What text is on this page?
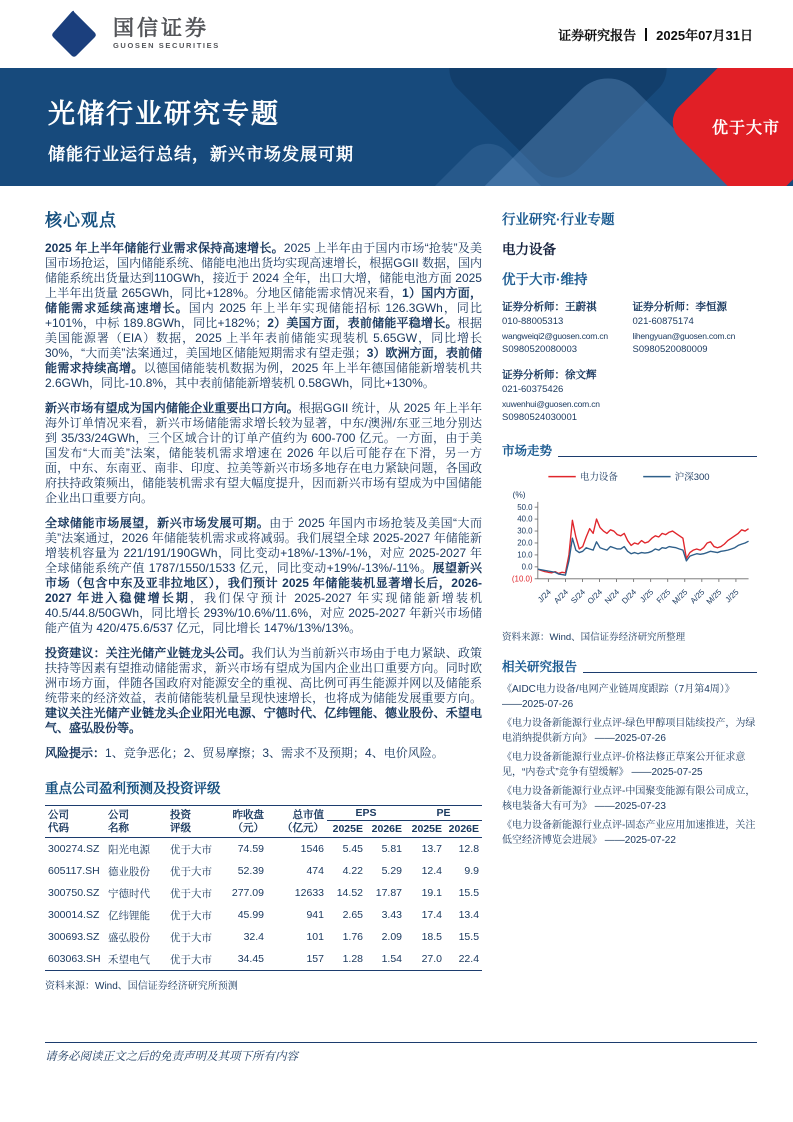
国信证券
GUOSEN SECURITIES
证券研究报告 2025年07月31日
优于大市
光储行业研究专题
储能行业运行总结，新兴市场发展可期
核心观点

2025 年上半年储能行业需求保持高速增长。2025 上半年由于国内市场“抢装”及美国市场抢运，国内储能系统、储能电池出货均实现高速增长，根据GGII 数据，国内储能系统出货量达到110GWh，接近于 2024 全年，出口大增，储能电池方面 2025 上半年出货量 265GWh，同比+128%。分地区储能需求情况来看，1）国内方面，储能需求延续高速增长。国内 2025 年上半年实现储能招标 126.3GWh，同比+101%，中标 189.8GWh，同比+182%；2）美国方面，表前储能平稳增长。根据美国能源署（EIA）数据，2025 上半年表前储能实现装机 5.65GW，同比增长 30%，“大而美”法案通过，美国地区储能短期需求有望走强；3）欧洲方面，表前储能需求持续高增。以德国储能装机数据为例，2025 年上半年德国储能新增装机共 2.6GWh，同比-10.8%，其中表前储能新增装机 0.58GWh，同比+130%。

新兴市场有望成为国内储能企业重要出口方向。根据GGII 统计，从 2025 年上半年海外订单情况来看，新兴市场储能需求增长较为显著，中东/澳洲/东亚三地分别达到 35/33/24GWh，三个区域合计的订单产值约为 600-700 亿元。一方面，由于美国发布“大而美”法案，储能装机需求增速在 2026 年以后可能存在下滑，另一方面，中东、东南亚、南非、印度、拉美等新兴市场多地存在电力紧缺问题，各国政府扶持政策频出，储能装机需求有望大幅度提升，因而新兴市场有望成为中国储能企业出口重要方向。

全球储能市场展望，新兴市场发展可期。由于 2025 年国内市场抢装及美国“大而美”法案通过，2026 年储能装机需求或将减弱。我们展望全球 2025-2027 年储能新增装机容量为 221/191/190GWh，同比变动+18%/-13%/-1%，对应 2025-2027 年全球储能系统产值 1787/1550/1533 亿元，同比变动+19%/-13%/-11%。展望新兴市场（包含中东及亚非拉地区），我们预计 2025 年储能装机显著增长后，2026-2027 年进入稳健增长期，我们保守预计 2025-2027 年实现储能新增装机 40.5/44.8/50GWh，同比增长 293%/10.6%/11.6%，对应 2025-2027 年新兴市场储能产值为 420/475.6/537 亿元，同比增长 147%/13%/13%。

投资建议：关注光储产业链龙头公司。我们认为当前新兴市场由于电力紧缺、政策扶持等因素有望推动储能需求，新兴市场有望成为国内企业出口重要方向。同时欧洲市场方面，伴随各国政府对能源安全的重视、高比例可再生能源并网以及储能系统带来的经济效益，表前储能装机量呈现快速增长，也将成为储能发展重要方向。建议关注光储产业链龙头企业阳光电源、宁德时代、亿纬锂能、德业股份、禾望电气、盛弘股份等。

风险提示：1、竞争恶化；2、贸易摩擦；3、需求不及预期；4、电价风险。

重点公司盈利预测及投资评级
公司
代码	公司
名称	投资
评级	昨收盘
（元）	总市值
（亿元）	EPS		PE	
					2025E	2026E	2025E	2026E
300274.SZ	阳光电源	优于大市	74.59	1546	5.45	5.81	13.7	12.8
605117.SH	德业股份	优于大市	52.39	474	4.22	5.29	12.4	9.9
300750.SZ	宁德时代	优于大市	277.09	12633	14.52	17.87	19.1	15.5
300014.SZ	亿纬锂能	优于大市	45.99	941	2.65	3.43	17.4	13.4
300693.SZ	盛弘股份	优于大市	32.4	101	1.76	2.09	18.5	15.5
603063.SH	禾望电气	优于大市	34.45	157	1.28	1.54	27.0	22.4
资料来源：Wind、国信证券经济研究所预测
行业研究·行业专题
电力设备
优于大市·维持
证券分析师：王蔚祺
010-88005313
wangweiqi2@guosen.com.cn
S0980520080003
证券分析师：李恒源
021-60875174
lihengyuan@guosen.com.cn
S0980520080009
证券分析师：徐文辉
021-60375426
xuwenhui@guosen.com.cn
S0980524030001
市场走势
电力设备	沪深300
(%)
50.0
40.0
30.0
20.0
10.0
0.0
(10.0)
J/24 A/24 S/24
O/24
N/24
D/24 J/25 F/25
M/25 A/25
M/25 J/25
资料来源：Wind、国信证券经济研究所整理
相关研究报告
《AIDC电力设备/电网产业链周度跟踪（7月第4周）》 ——2025-07-26
《电力设备新能源行业点评-绿色甲醇项目陆续投产，为绿电消纳提供新方向》 ——2025-07-26
《电力设备新能源行业点评-价格法修正草案公开征求意见，“内卷式”竞争有望缓解》 ——2025-07-25
《电力设备新能源行业点评-中国聚变能源有限公司成立，核电装备大有可为》 ——2025-07-23
《电力设备新能源行业点评-固态产业应用加速推进，关注低空经济博览会进展》 ——2025-07-22
请务必阅读正文之后的免责声明及其项下所有内容
